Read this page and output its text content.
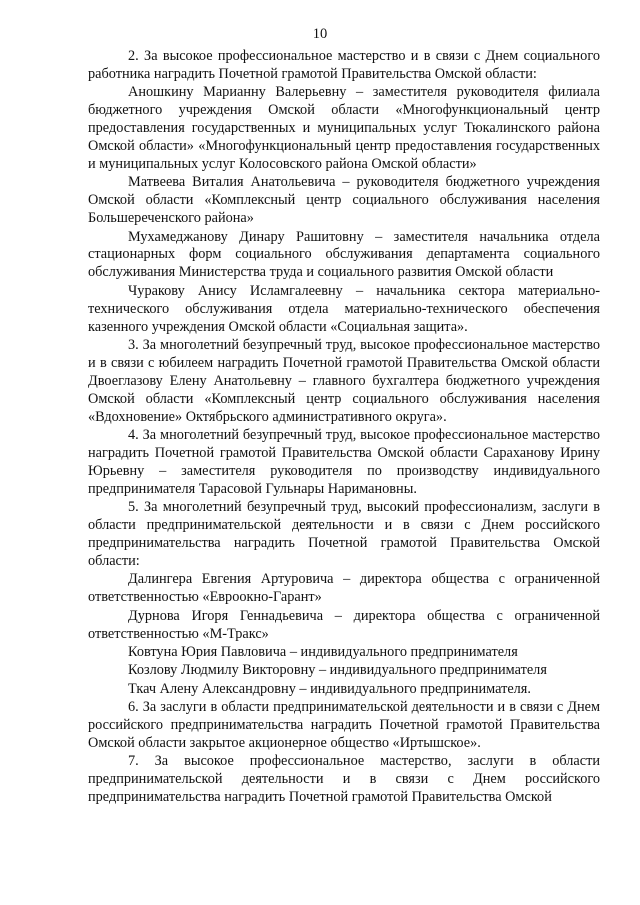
10

2. За высокое профессиональное мастерство и в связи с Днем социального работника наградить Почетной грамотой Правительства Омской области:

Аношкину Марианну Валерьевну – заместителя руководителя филиала бюджетного учреждения Омской области «Многофункциональный центр предоставления государственных и муниципальных услуг Тюкалинского района Омской области» «Многофункциональный центр предоставления государственных и муниципальных услуг Колосовского района Омской области»

Матвеева Виталия Анатольевича – руководителя бюджетного учреждения Омской области «Комплексный центр социального обслуживания населения Большереченского района»

Мухамеджанову Динару Рашитовну – заместителя начальника отдела стационарных форм социального обслуживания департамента социального обслуживания Министерства труда и социального развития Омской области

Чуракову Анису Исламгалеевну – начальника сектора материально-технического обслуживания отдела материально-технического обеспечения казенного учреждения Омской области «Социальная защита».

3. За многолетний безупречный труд, высокое профессиональное мастерство и в связи с юбилеем наградить Почетной грамотой Правительства Омской области Двоеглазову Елену Анатольевну – главного бухгалтера бюджетного учреждения Омской области «Комплексный центр социального обслуживания населения «Вдохновение» Октябрьского административного округа».

4. За многолетний безупречный труд, высокое профессиональное мастерство наградить Почетной грамотой Правительства Омской области Сараханову Ирину Юрьевну – заместителя руководителя по производству индивидуального предпринимателя Тарасовой Гульнары Наримановны.

5. За многолетний безупречный труд, высокий профессионализм, заслуги в области предпринимательской деятельности и в связи с Днем российского предпринимательства наградить Почетной грамотой Правительства Омской области:

Далингера Евгения Артуровича – директора общества с ограниченной ответственностью «Евроокно-Гарант»

Дурнова Игоря Геннадьевича – директора общества с ограниченной ответственностью «М-Тракс»

Ковтуна Юрия Павловича – индивидуального предпринимателя

Козлову Людмилу Викторовну – индивидуального предпринимателя

Ткач Алену Александровну – индивидуального предпринимателя.

6. За заслуги в области предпринимательской деятельности и в связи с Днем российского предпринимательства наградить Почетной грамотой Правительства Омской области закрытое акционерное общество «Иртышское».

7. За высокое профессиональное мастерство, заслуги в области предпринимательской деятельности и в связи с Днем российского предпринимательства наградить Почетной грамотой Правительства Омской
